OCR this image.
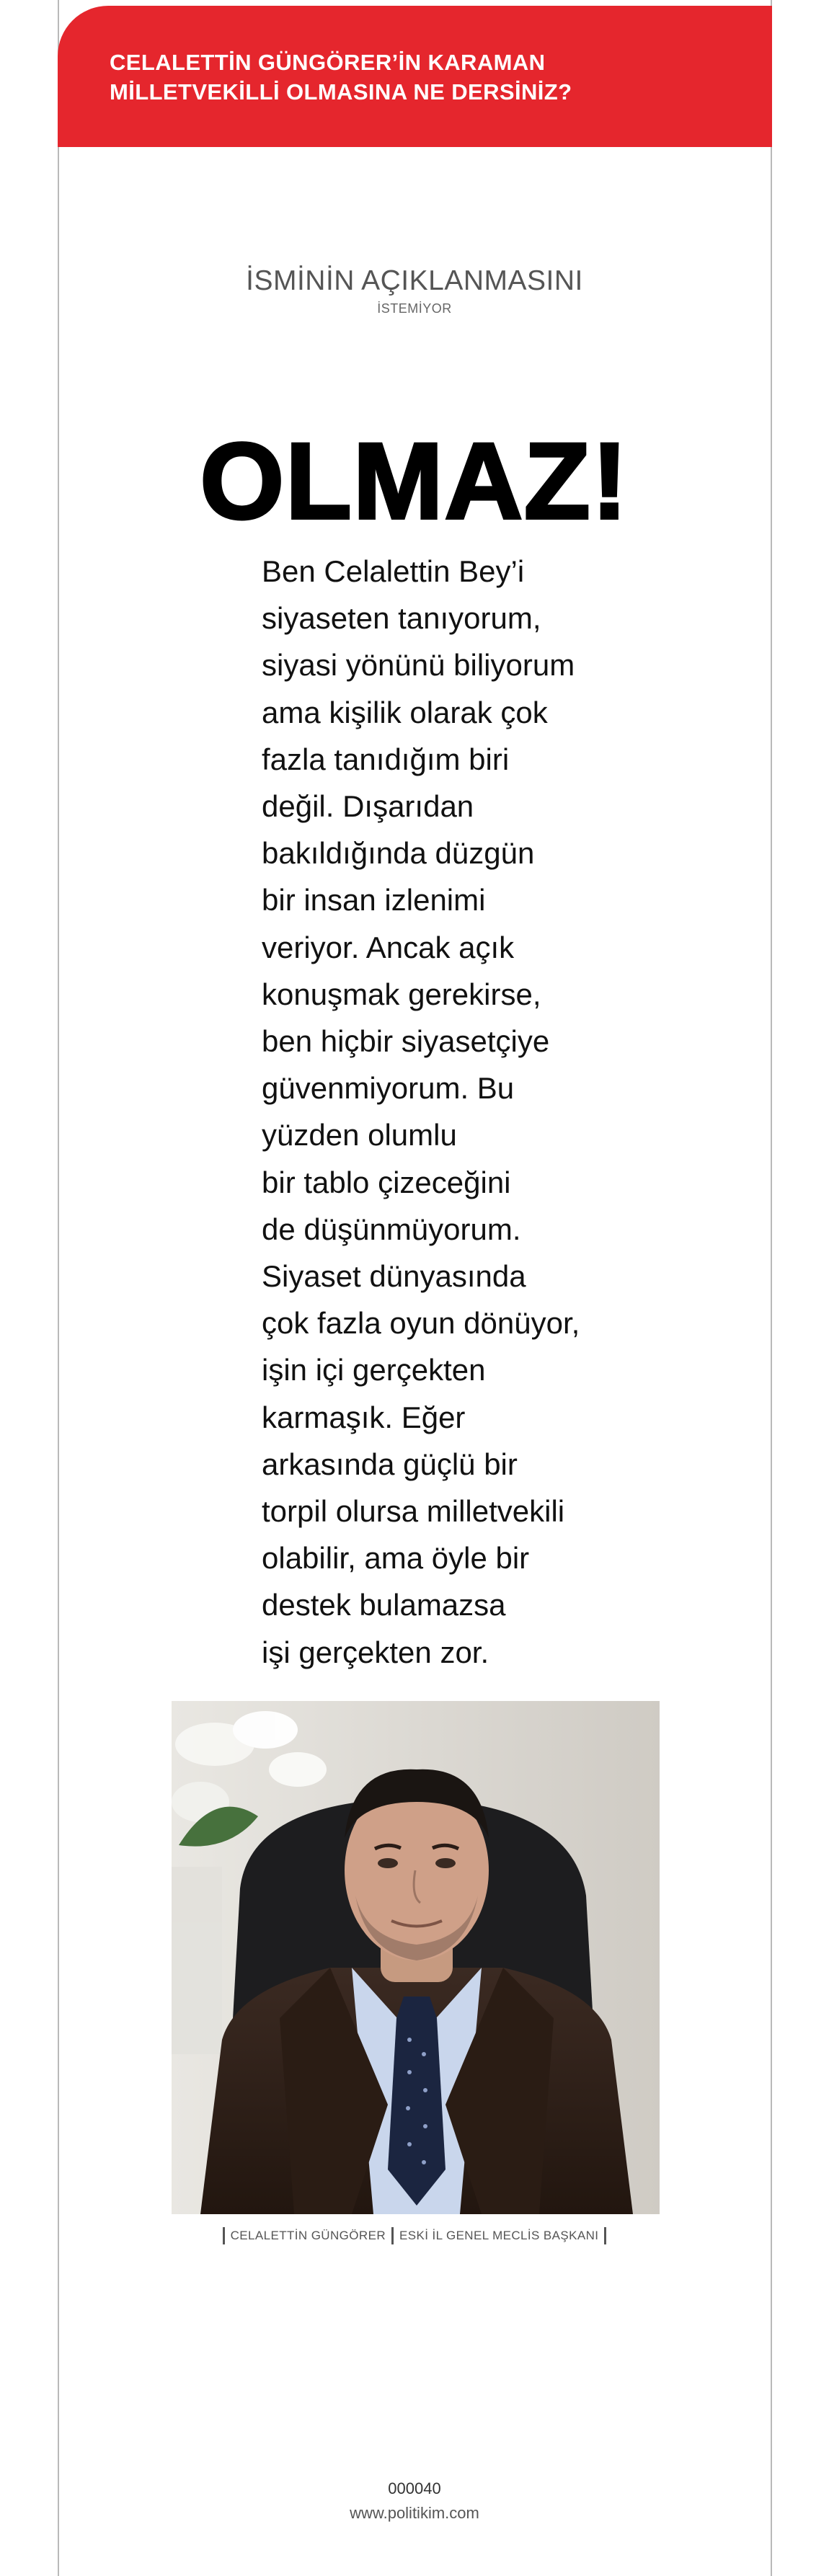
CELALETTİN GÜNGÖRER’İN KARAMAN
MİLLETVEKİLLİ OLMASINA NE DERSİNİZ?
İSMİNİN AÇIKLANMASINI
İSTEMİYOR
OLMAZ!
Ben Celalettin Bey’i
siyaseten tanıyorum,
siyasi yönünü biliyorum
ama kişilik olarak çok
fazla tanıdığım biri
değil. Dışarıdan
bakıldığında düzgün
bir insan izlenimi
veriyor. Ancak açık
konuşmak gerekirse,
ben hiçbir siyasetçiye
güvenmiyorum. Bu
yüzden olumlu
bir tablo çizeceğini
de düşünmüyorum.
Siyaset dünyasında
çok fazla oyun dönüyor,
işin içi gerçekten
karmaşık. Eğer
arkasında güçlü bir
torpil olursa milletvekili
olabilir, ama öyle bir
destek bulamazsa
işi gerçekten zor.
CELALETTİN GÜNGÖRER ESKİ İL GENEL MECLİS BAŞKANI
000040
www.politikim.com
